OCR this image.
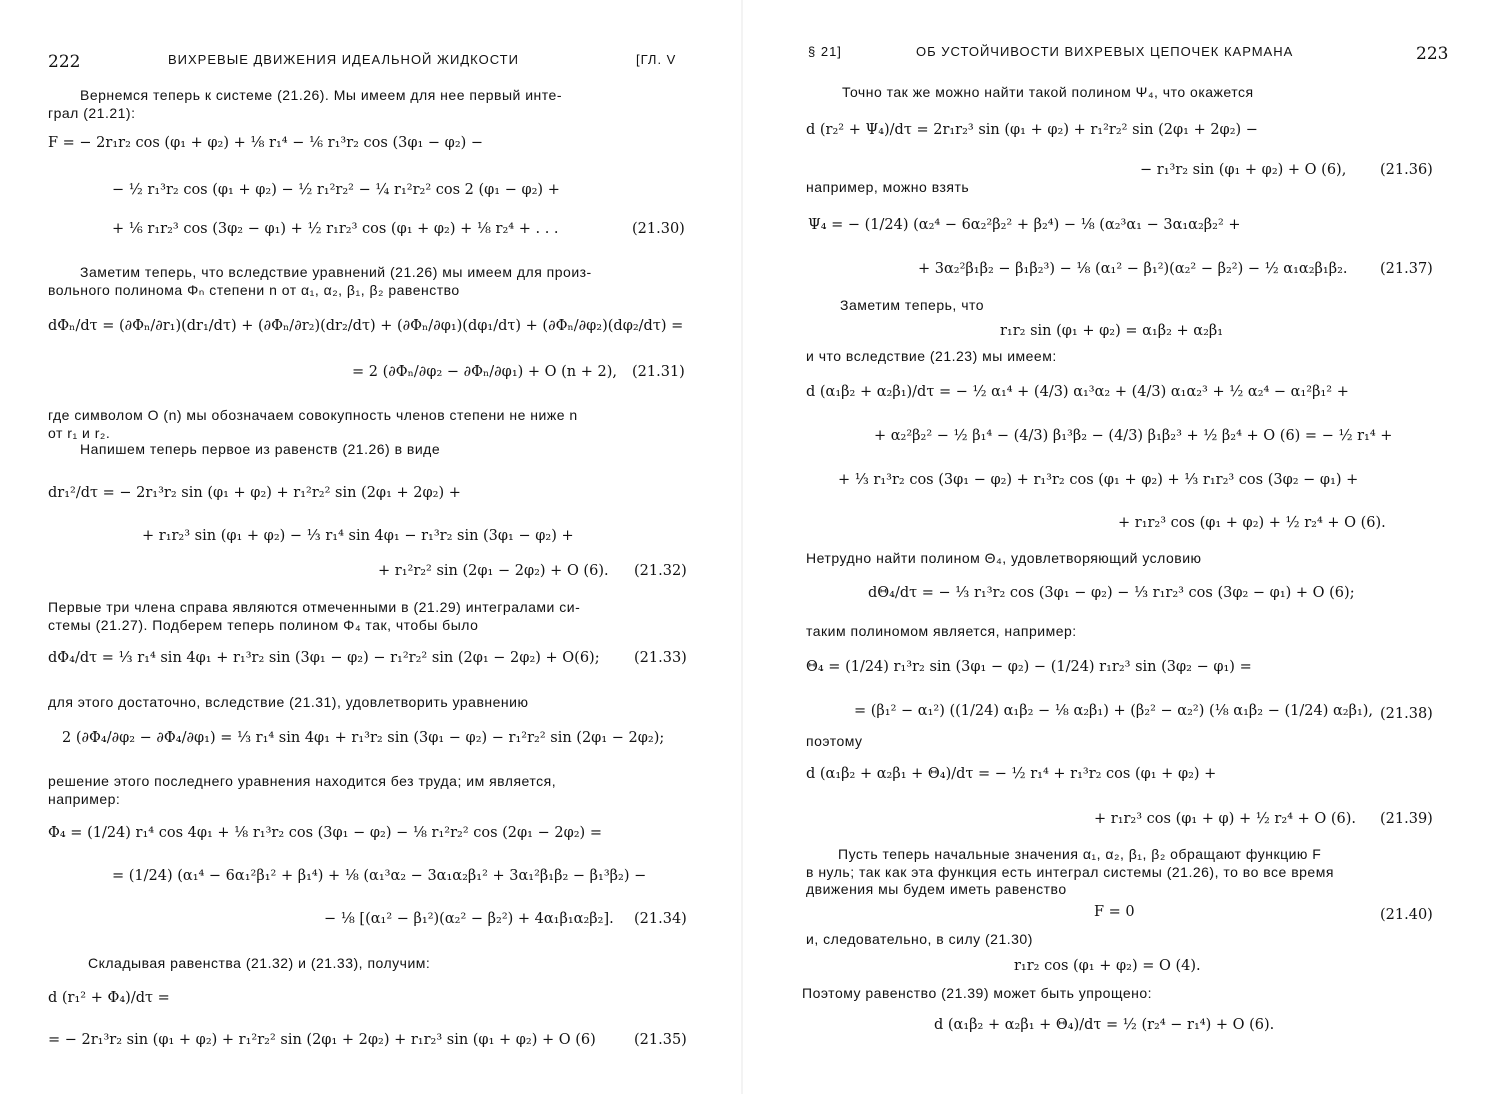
222	ВИХРЕВЫЕ ДВИЖЕНИЯ ИДЕАЛЬНОЙ ЖИДКОСТИ	[ГЛ. V
Вернемся теперь к системе (21.26). Мы имеем для нее первый инте-
грал (21.21):
F = − 2r₁r₂ cos (φ₁ + φ₂) + ⅛ r₁⁴ − ⅙ r₁³r₂ cos (3φ₁ − φ₂) −
− ½ r₁³r₂ cos (φ₁ + φ₂) − ½ r₁²r₂² − ¼ r₁²r₂² cos 2 (φ₁ − φ₂) +
+ ⅙ r₁r₂³ cos (3φ₂ − φ₁) + ½ r₁r₂³ cos (φ₁ + φ₂) + ⅛ r₂⁴ + . . .	(21.30)
Заметим теперь, что вследствие уравнений (21.26) мы имеем для произ-
вольного полинома Φₙ степени n от α₁, α₂, β₁, β₂ равенство
dΦₙ/dτ = (∂Φₙ/∂r₁)(dr₁/dτ) + (∂Φₙ/∂r₂)(dr₂/dτ) + (∂Φₙ/∂φ₁)(dφ₁/dτ) + (∂Φₙ/∂φ₂)(dφ₂/dτ) =
= 2 (∂Φₙ/∂φ₂ − ∂Φₙ/∂φ₁) + O (n + 2), (21.31)
где символом O (n) мы обозначаем совокупность членов степени не ниже n
от r₁ и r₂.
Напишем теперь первое из равенств (21.26) в виде
dr₁²/dτ = − 2r₁³r₂ sin (φ₁ + φ₂) + r₁²r₂² sin (2φ₁ + 2φ₂) +
+ r₁r₂³ sin (φ₁ + φ₂) − ⅓ r₁⁴ sin 4φ₁ − r₁³r₂ sin (3φ₁ − φ₂) +
+ r₁²r₂² sin (2φ₁ − 2φ₂) + O (6). (21.32)
Первые три члена справа являются отмеченными в (21.29) интегралами си-
стемы (21.27). Подберем теперь полином Φ₄ так, чтобы было
dΦ₄/dτ = ⅓ r₁⁴ sin 4φ₁ + r₁³r₂ sin (3φ₁ − φ₂) − r₁²r₂² sin (2φ₁ − 2φ₂) + O(6); (21.33)
для этого достаточно, вследствие (21.31), удовлетворить уравнению
2 (∂Φ₄/∂φ₂ − ∂Φ₄/∂φ₁) = ⅓ r₁⁴ sin 4φ₁ + r₁³r₂ sin (3φ₁ − φ₂) − r₁²r₂² sin (2φ₁ − 2φ₂);
решение этого последнего уравнения находится без труда; им является,
например:
Φ₄ = (1/24) r₁⁴ cos 4φ₁ + ⅛ r₁³r₂ cos (3φ₁ − φ₂) − ⅛ r₁²r₂² cos (2φ₁ − 2φ₂) =
= (1/24) (α₁⁴ − 6α₁²β₁² + β₁⁴) + ⅛ (α₁³α₂ − 3α₁α₂β₁² + 3α₁²β₁β₂ − β₁³β₂) −
− ⅛ [(α₁² − β₁²)(α₂² − β₂²) + 4α₁β₁α₂β₂]. (21.34)
Складывая равенства (21.32) и (21.33), получим:
d (r₁² + Φ₄)/dτ =
= − 2r₁³r₂ sin (φ₁ + φ₂) + r₁²r₂² sin (2φ₁ + 2φ₂) + r₁r₂³ sin (φ₁ + φ₂) + O (6)	(21.35)
§ 21]	ОБ УСТОЙЧИВОСТИ ВИХРЕВЫХ ЦЕПОЧЕК КАРМАНА	223
Точно так же можно найти такой полином Ψ₄, что окажется
d (r₂² + Ψ₄)/dτ = 2r₁r₂³ sin (φ₁ + φ₂) + r₁²r₂² sin (2φ₁ + 2φ₂) −
− r₁³r₂ sin (φ₁ + φ₂) + O (6), (21.36)
например, можно взять
Ψ₄ = − (1/24) (α₂⁴ − 6α₂²β₂² + β₂⁴) − ⅛ (α₂³α₁ − 3α₁α₂β₂² +
+ 3α₂²β₁β₂ − β₁β₂³) − ⅛ (α₁² − β₁²)(α₂² − β₂²) − ½ α₁α₂β₁β₂. (21.37)
Заметим теперь, что
r₁r₂ sin (φ₁ + φ₂) = α₁β₂ + α₂β₁
и что вследствие (21.23) мы имеем:
d (α₁β₂ + α₂β₁)/dτ = − ½ α₁⁴ + (4/3) α₁³α₂ + (4/3) α₁α₂³ + ½ α₂⁴ − α₁²β₁² +
+ α₂²β₂² − ½ β₁⁴ − (4/3) β₁³β₂ − (4/3) β₁β₂³ + ½ β₂⁴ + O (6) = − ½ r₁⁴ +
+ ⅓ r₁³r₂ cos (3φ₁ − φ₂) + r₁³r₂ cos (φ₁ + φ₂) + ⅓ r₁r₂³ cos (3φ₂ − φ₁) +
+ r₁r₂³ cos (φ₁ + φ₂) + ½ r₂⁴ + O (6).
Нетрудно найти полином Θ₄, удовлетворяющий условию
dΘ₄/dτ = − ⅓ r₁³r₂ cos (3φ₁ − φ₂) − ⅓ r₁r₂³ cos (3φ₂ − φ₁) + O (6);
таким полиномом является, например:
Θ₄ = (1/24) r₁³r₂ sin (3φ₁ − φ₂) − (1/24) r₁r₂³ sin (3φ₂ − φ₁) =
= (β₁² − α₁²) ((1/24) α₁β₂ − ⅛ α₂β₁) + (β₂² − α₂²) (⅛ α₁β₂ − (1/24) α₂β₁), (21.38)
поэтому
d (α₁β₂ + α₂β₁ + Θ₄)/dτ = − ½ r₁⁴ + r₁³r₂ cos (φ₁ + φ₂) +
+ r₁r₂³ cos (φ₁ + φ) + ½ r₂⁴ + O (6). (21.39)
Пусть теперь начальные значения α₁, α₂, β₁, β₂ обращают функцию F
в нуль; так как эта функция есть интеграл системы (21.26), то во все время
движения мы будем иметь равенство
F = 0	(21.40)
и, следовательно, в силу (21.30)
r₁r₂ cos (φ₁ + φ₂) = O (4).
Поэтому равенство (21.39) может быть упрощено:
d (α₁β₂ + α₂β₁ + Θ₄)/dτ = ½ (r₂⁴ − r₁⁴) + O (6).
